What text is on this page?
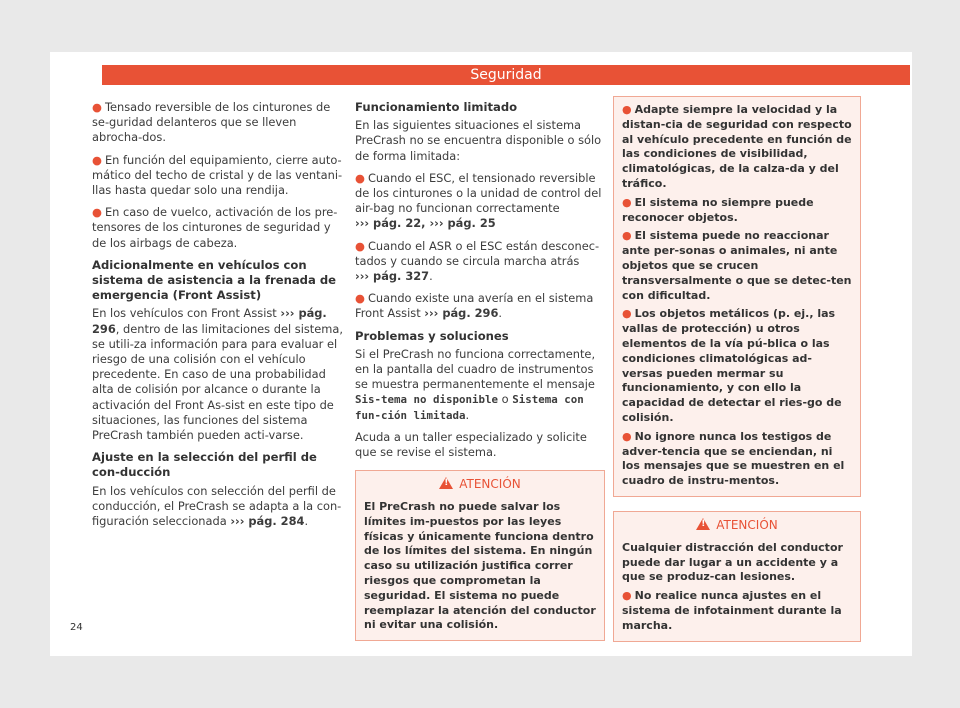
Seguridad

● Tensado reversible de los cinturones de se-guridad delanteros que se lleven abrocha-dos.

● En función del equipamiento, cierre auto-mático del techo de cristal y de las ventani-llas hasta quedar solo una rendija.

● En caso de vuelco, activación de los pre-tensores de los cinturones de seguridad y de los airbags de cabeza.

Adicionalmente en vehículos con sistema de asistencia a la frenada de emergencia (Front Assist)

En los vehículos con Front Assist ››› pág. 296, dentro de las limitaciones del sistema, se utili-za información para para evaluar el riesgo de una colisión con el vehículo precedente. En caso de una probabilidad alta de colisión por alcance o durante la activación del Front As-sist en este tipo de situaciones, las funciones del sistema PreCrash también pueden acti-varse.

Ajuste en la selección del perfil de con-ducción

En los vehículos con selección del perfil de conducción, el PreCrash se adapta a la con-figuración seleccionada ››› pág. 284.

Funcionamiento limitado

En las siguientes situaciones el sistema PreCrash no se encuentra disponible o sólo de forma limitada:

● Cuando el ESC, el tensionado reversible de los cinturones o la unidad de control del air-bag no funcionan correctamente
››› pág. 22, ››› pág. 25

● Cuando el ASR o el ESC están desconec-tados y cuando se circula marcha atrás
››› pág. 327.

● Cuando existe una avería en el sistema Front Assist ››› pág. 296.

Problemas y soluciones

Si el PreCrash no funciona correctamente, en la pantalla del cuadro de instrumentos se muestra permanentemente el mensaje Sis-tema no disponible o Sistema con fun-ción limitada.

Acuda a un taller especializado y solicite que se revise el sistema.

!ATENCIÓN

El PreCrash no puede salvar los límites im-puestos por las leyes físicas y únicamente funciona dentro de los límites del sistema. En ningún caso su utilización justifica correr riesgos que comprometan la seguridad. El sistema no puede reemplazar la atención del conductor ni evitar una colisión.

● Adapte siempre la velocidad y la distan-cia de seguridad con respecto al vehículo precedente en función de las condiciones de visibilidad, climatológicas, de la calza-da y del tráfico.

● El sistema no siempre puede reconocer objetos.

● El sistema puede no reaccionar ante per-sonas o animales, ni ante objetos que se crucen transversalmente o que se detec-ten con dificultad.

● Los objetos metálicos (p. ej., las vallas de protección) u otros elementos de la vía pú-blica o las condiciones climatológicas ad-versas pueden mermar su funcionamiento, y con ello la capacidad de detectar el ries-go de colisión.

● No ignore nunca los testigos de adver-tencia que se enciendan, ni los mensajes que se muestren en el cuadro de instru-mentos.

!ATENCIÓN

Cualquier distracción del conductor puede dar lugar a un accidente y a que se produz-can lesiones.

● No realice nunca ajustes en el sistema de infotainment durante la marcha.

24
